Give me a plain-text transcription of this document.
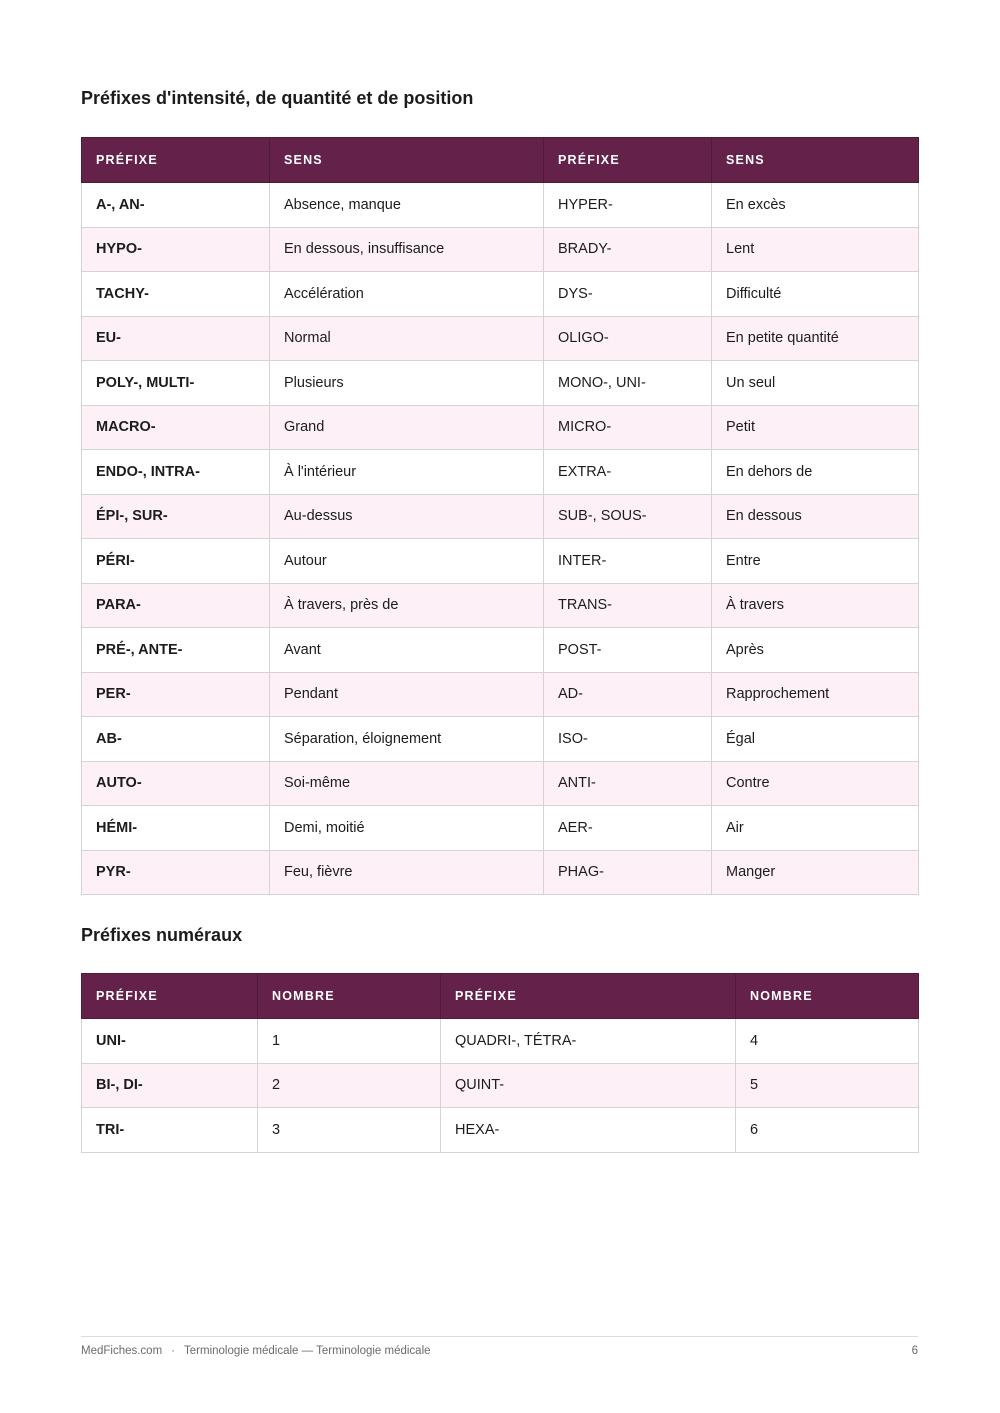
Préfixes d'intensité, de quantité et de position
PRÉFIXE	SENS	PRÉFIXE	SENS
A-, AN-	Absence, manque	HYPER-	En excès
HYPO-	En dessous, insuffisance	BRADY-	Lent
TACHY-	Accélération	DYS-	Difficulté
EU-	Normal	OLIGO-	En petite quantité
POLY-, MULTI-	Plusieurs	MONO-, UNI-	Un seul
MACRO-	Grand	MICRO-	Petit
ENDO-, INTRA-	À l'intérieur	EXTRA-	En dehors de
ÉPI-, SUR-	Au-dessus	SUB-, SOUS-	En dessous
PÉRI-	Autour	INTER-	Entre
PARA-	À travers, près de	TRANS-	À travers
PRÉ-, ANTE-	Avant	POST-	Après
PER-	Pendant	AD-	Rapprochement
AB-	Séparation, éloignement	ISO-	Égal
AUTO-	Soi-même	ANTI-	Contre
HÉMI-	Demi, moitié	AER-	Air
PYR-	Feu, fièvre	PHAG-	Manger
Préfixes numéraux
PRÉFIXE	NOMBRE	PRÉFIXE	NOMBRE
UNI-	1	QUADRI-, TÉTRA-	4
BI-, DI-	2	QUINT-	5
TRI-	3	HEXA-	6
MedFiches.com · Terminologie médicale — Terminologie médicale	6
